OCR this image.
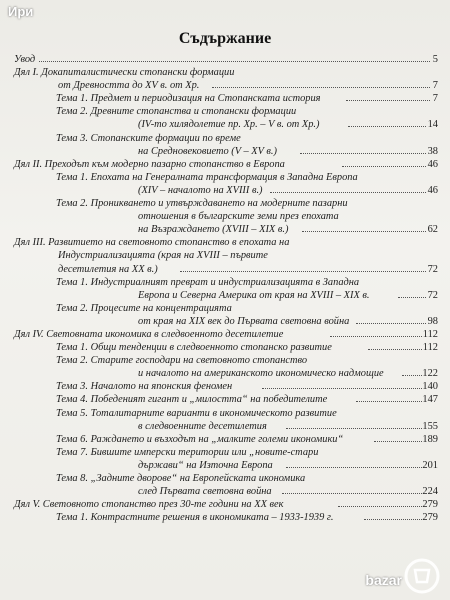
Ири
Съдържание
Увод	5
Дял І. Докапиталистически стопански формации
от Древността до XV в. от Хр.	7
Тема 1. Предмет и периодизация на Стопанската история	7
Тема 2. Древните стопанства и стопански формации
(IV-то хилядолетие пр. Хр. – V в. от Хр.)	14
Тема 3. Стопанските формации по време
на Средновековието (V – XV в.)	38
Дял ІІ. Преходът към модерно пазарно стопанство в Европа	46
Тема 1. Епохата на Генералната трансформация в Западна Европа
(XIV – началото на XVIII в.)	46
Тема 2. Проникването и утвърждаването на модерните пазарни
отношения в българските земи през епохата
на Възраждането (XVIII – XIX в.)	62
Дял ІІІ. Развитието на световното стопанство в епохата на
Индустриализацията (края на XVIII – първите
десетилетия на XX в.)	72
Тема 1. Индустриалният преврат и индустриализацията в Западна
Европа и Северна Америка от края на XVIII – XIX в.	72
Тема 2. Процесите на концентрацията
от края на XIX век до Първата световна война	98
Дял ІV. Световната икономика в следвоенното десетилетие	112
Тема 1. Общи тенденции в следвоенното стопанско развитие	112
Тема 2. Старите господари на световното стопанство
и началото на американското икономическо надмощие	122
Тема 3. Началото на японския феномен	140
Тема 4. Победеният гигант и „милостта“ на победителите	147
Тема 5. Тоталитарните варианти в икономическото развитие
в следвоенните десетилетия	155
Тема 6. Раждането и възходът на „малките големи икономики“	189
Тема 7. Бившите имперски територии или „новите-стари
държави“ на Източна Европа	201
Тема 8. „Задните дворове“ на Европейската икономика
след Първата световна война	224
Дял V. Световното стопанство през 30-те години на XX век	279
Тема 1. Контрастните решения в икономиката – 1933-1939 г.	279
bazar
